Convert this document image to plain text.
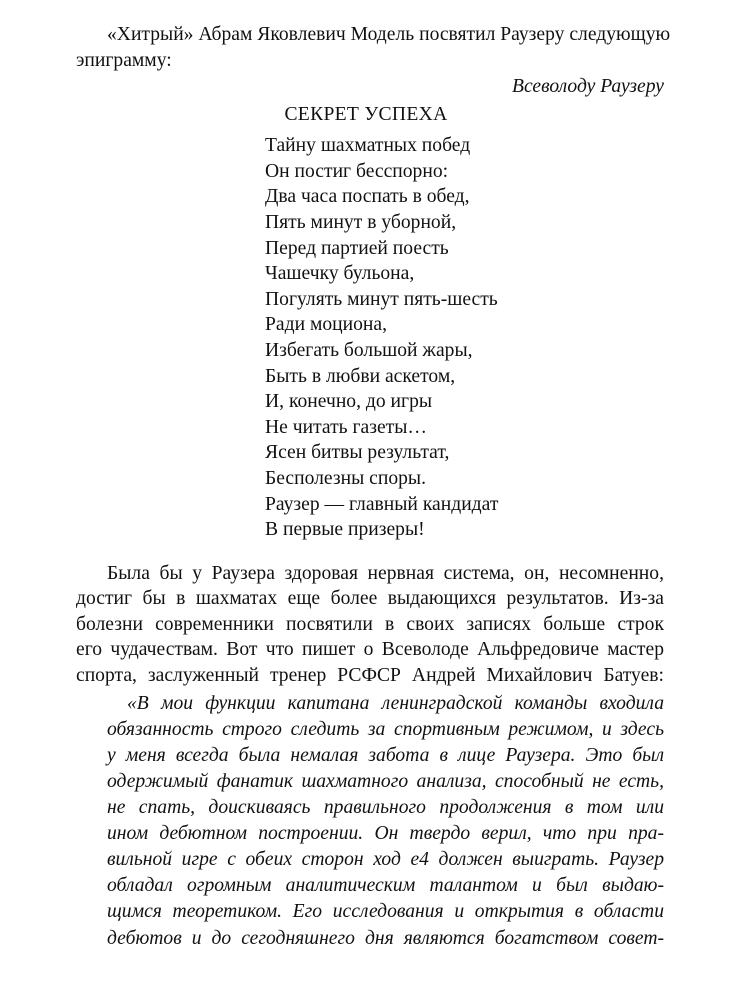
«Хитрый» Абрам Яковлевич Модель посвятил Раузеру следующую
эпиграмму:
Всеволоду Раузеру
СЕКРЕТ УСПЕХА
Тайну шахматных побед
Он постиг бесспорно:
Два часа поспать в обед,
Пять минут в уборной,
Перед партией поесть
Чашечку бульона,
Погулять минут пять-шесть
Ради моциона,
Избегать большой жары,
Быть в любви аскетом,
И, конечно, до игры
Не читать газеты…
Ясен битвы результат,
Бесполезны споры.
Раузер — главный кандидат
В первые призеры!
Была бы у Раузера здоровая нервная система, он, несомненно,
достиг бы в шахматах еще более выдающихся результатов. Из-за
болезни современники посвятили в своих записях больше строк
его чудачествам. Вот что пишет о Всеволоде Альфредовиче мастер
спорта, заслуженный тренер РСФСР Андрей Михайлович Батуев:
«В мои функции капитана ленинградской команды входила
обязанность строго следить за спортивным режимом, и здесь
у меня всегда была немалая забота в лице Раузера. Это был
одержимый фанатик шахматного анализа, способный не есть,
не спать, доискиваясь правильного продолжения в том или
ином дебютном построении. Он твердо верил, что при пра-
вильной игре с обеих сторон ход е4 должен выиграть. Раузер
обладал огромным аналитическим талантом и был выдаю-
щимся теоретиком. Его исследования и открытия в области
дебютов и до сегодняшнего дня являются богатством совет-
